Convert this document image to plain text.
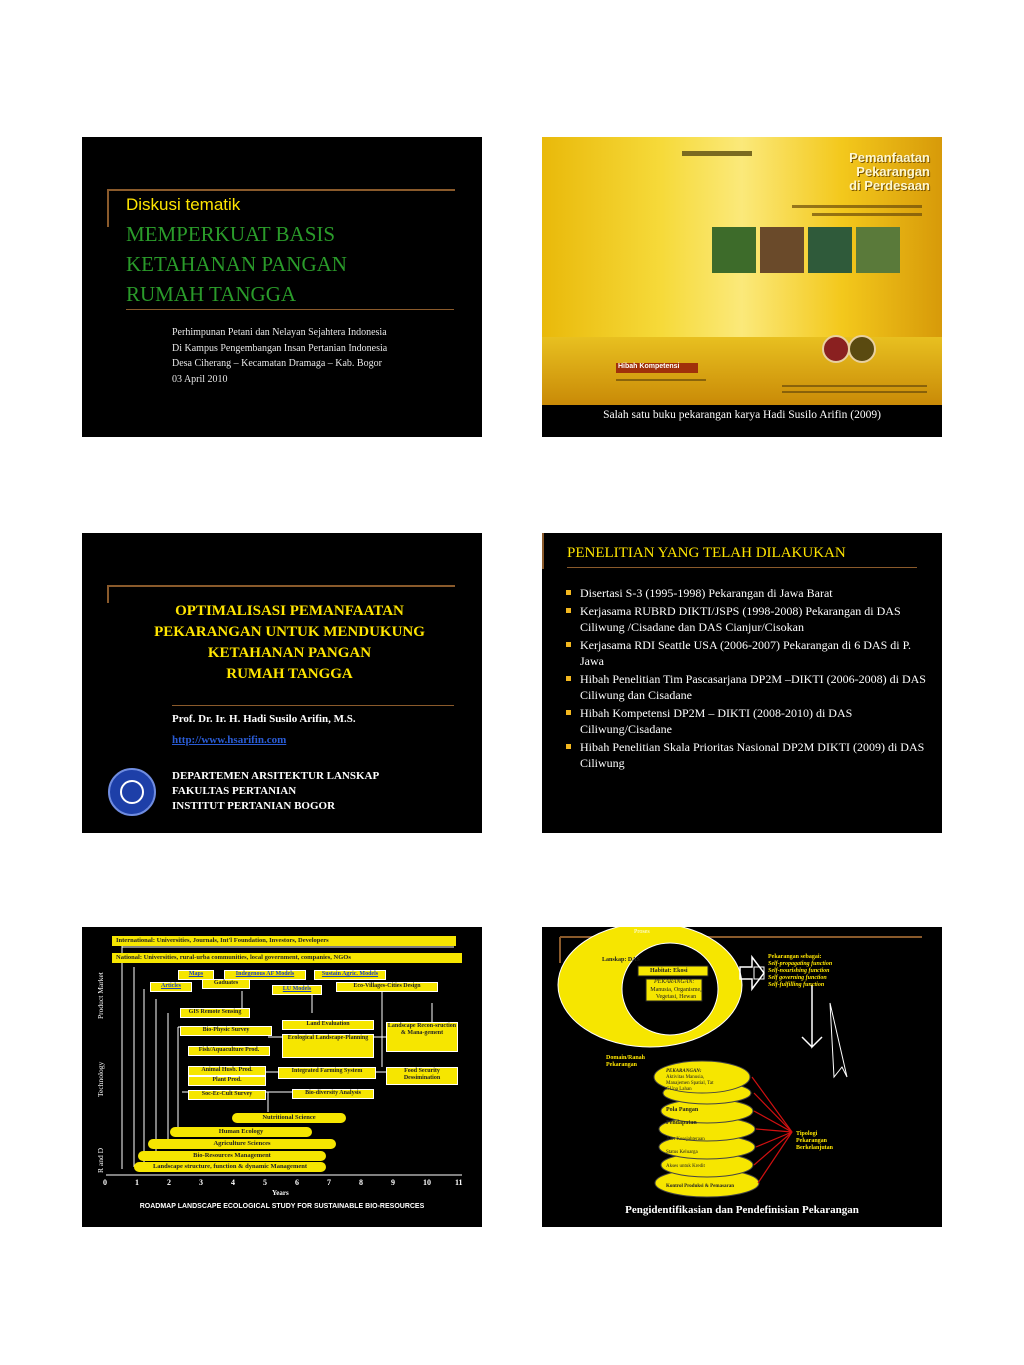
Diskusi tematik
MEMPERKUAT BASIS
KETAHANAN PANGAN
RUMAH TANGGA
Perhimpunan Petani dan Nelayan Sejahtera Indonesia
Di Kampus Pengembangan Insan Pertanian Indonesia
Desa Ciherang – Kecamatan Dramaga – Kab. Bogor
03 April 2010
Pemanfaatan
Pekarangan
di Perdesaan
Hibah Kompetensi
Salah satu buku pekarangan karya Hadi Susilo Arifin (2009)
OPTIMALISASI PEMANFAATAN
PEKARANGAN UNTUK MENDUKUNG
KETAHANAN PANGAN
RUMAH TANGGA
Prof. Dr. Ir. H. Hadi Susilo Arifin, M.S.
http://www.hsarifin.com
DEPARTEMEN ARSITEKTUR LANSKAP
FAKULTAS PERTANIAN
INSTITUT PERTANIAN BOGOR
PENELITIAN YANG TELAH DILAKUKAN
Disertasi S-3 (1995-1998) Pekarangan di Jawa Barat
Kerjasama RUBRD DIKTI/JSPS (1998-2008) Pekarangan di DAS Ciliwung /Cisadane dan DAS Cianjur/Cisokan
Kerjasama RDI Seattle USA (2006-2007) Pekarangan di 6 DAS di P. Jawa
Hibah Penelitian Tim Pascasarjana DP2M –DIKTI (2006-2008) di DAS Ciliwung dan Cisadane
Hibah Kompetensi DP2M – DIKTI (2008-2010) di DAS Ciliwung/Cisadane
Hibah Penelitian Skala Prioritas Nasional DP2M DIKTI (2009) di DAS Ciliwung
Product Market
Technology
R and D
International: Universities, Journals, Int'l Foundation, Investors, Developers
National: Universities, rural-urba communities, local government, companies, NGOs
Maps	Indegenous AF Models	Sustain Agric. Models
Articles	Gaduates
LU Models	Eco-Villages-Cities Design
GIS Remote Sensing
Bio-Physic Survey
Fish/Aquaculture Prod.
Animal Husb. Prod.
Plant Prod.
Soc-Ec-Cult Survey
Land Evaluation
Ecological Landscape-Planning
Landscape Recon-sruction & Mana-gement
Integrated Farming System	Food Security Dessimination
Bio-diversity Analysis
Nutritional Science
Human Ecology
Agriculture Sciences
Bio-Resources Management
Landscape structure, function & dynamic Management
0	1	2	3	4	5	6	7	8	9	10	11
Years
ROADMAP LANDSCAPE ECOLOGICAL STUDY FOR SUSTAINABLE BIO-RESOURCES
Proses
Lanskap: DAS
Habitat: Ekosi
PEKARANGAN:
Manusia, Organisme, Vegetasi, Hewan
Pekarangan sebagai:
Self-propagating function
Self-nourishing function
Self governing function
Self-fulfilling function
Domain/Ranah
Pekarangan
PEKARANGAN:
Aktivitas Manusia, Manajemen Spatial, Tat GUna Lahan
Pola Pangan
Pendapatan
Aset Kesejahteraan
Status Keluarga
Akses untuk Kredit
Kontrol Produksi & Pemasaran
Tipologi
Pekarangan
Berkelanjutan
Pengidentifikasian dan Pendefinisian Pekarangan
